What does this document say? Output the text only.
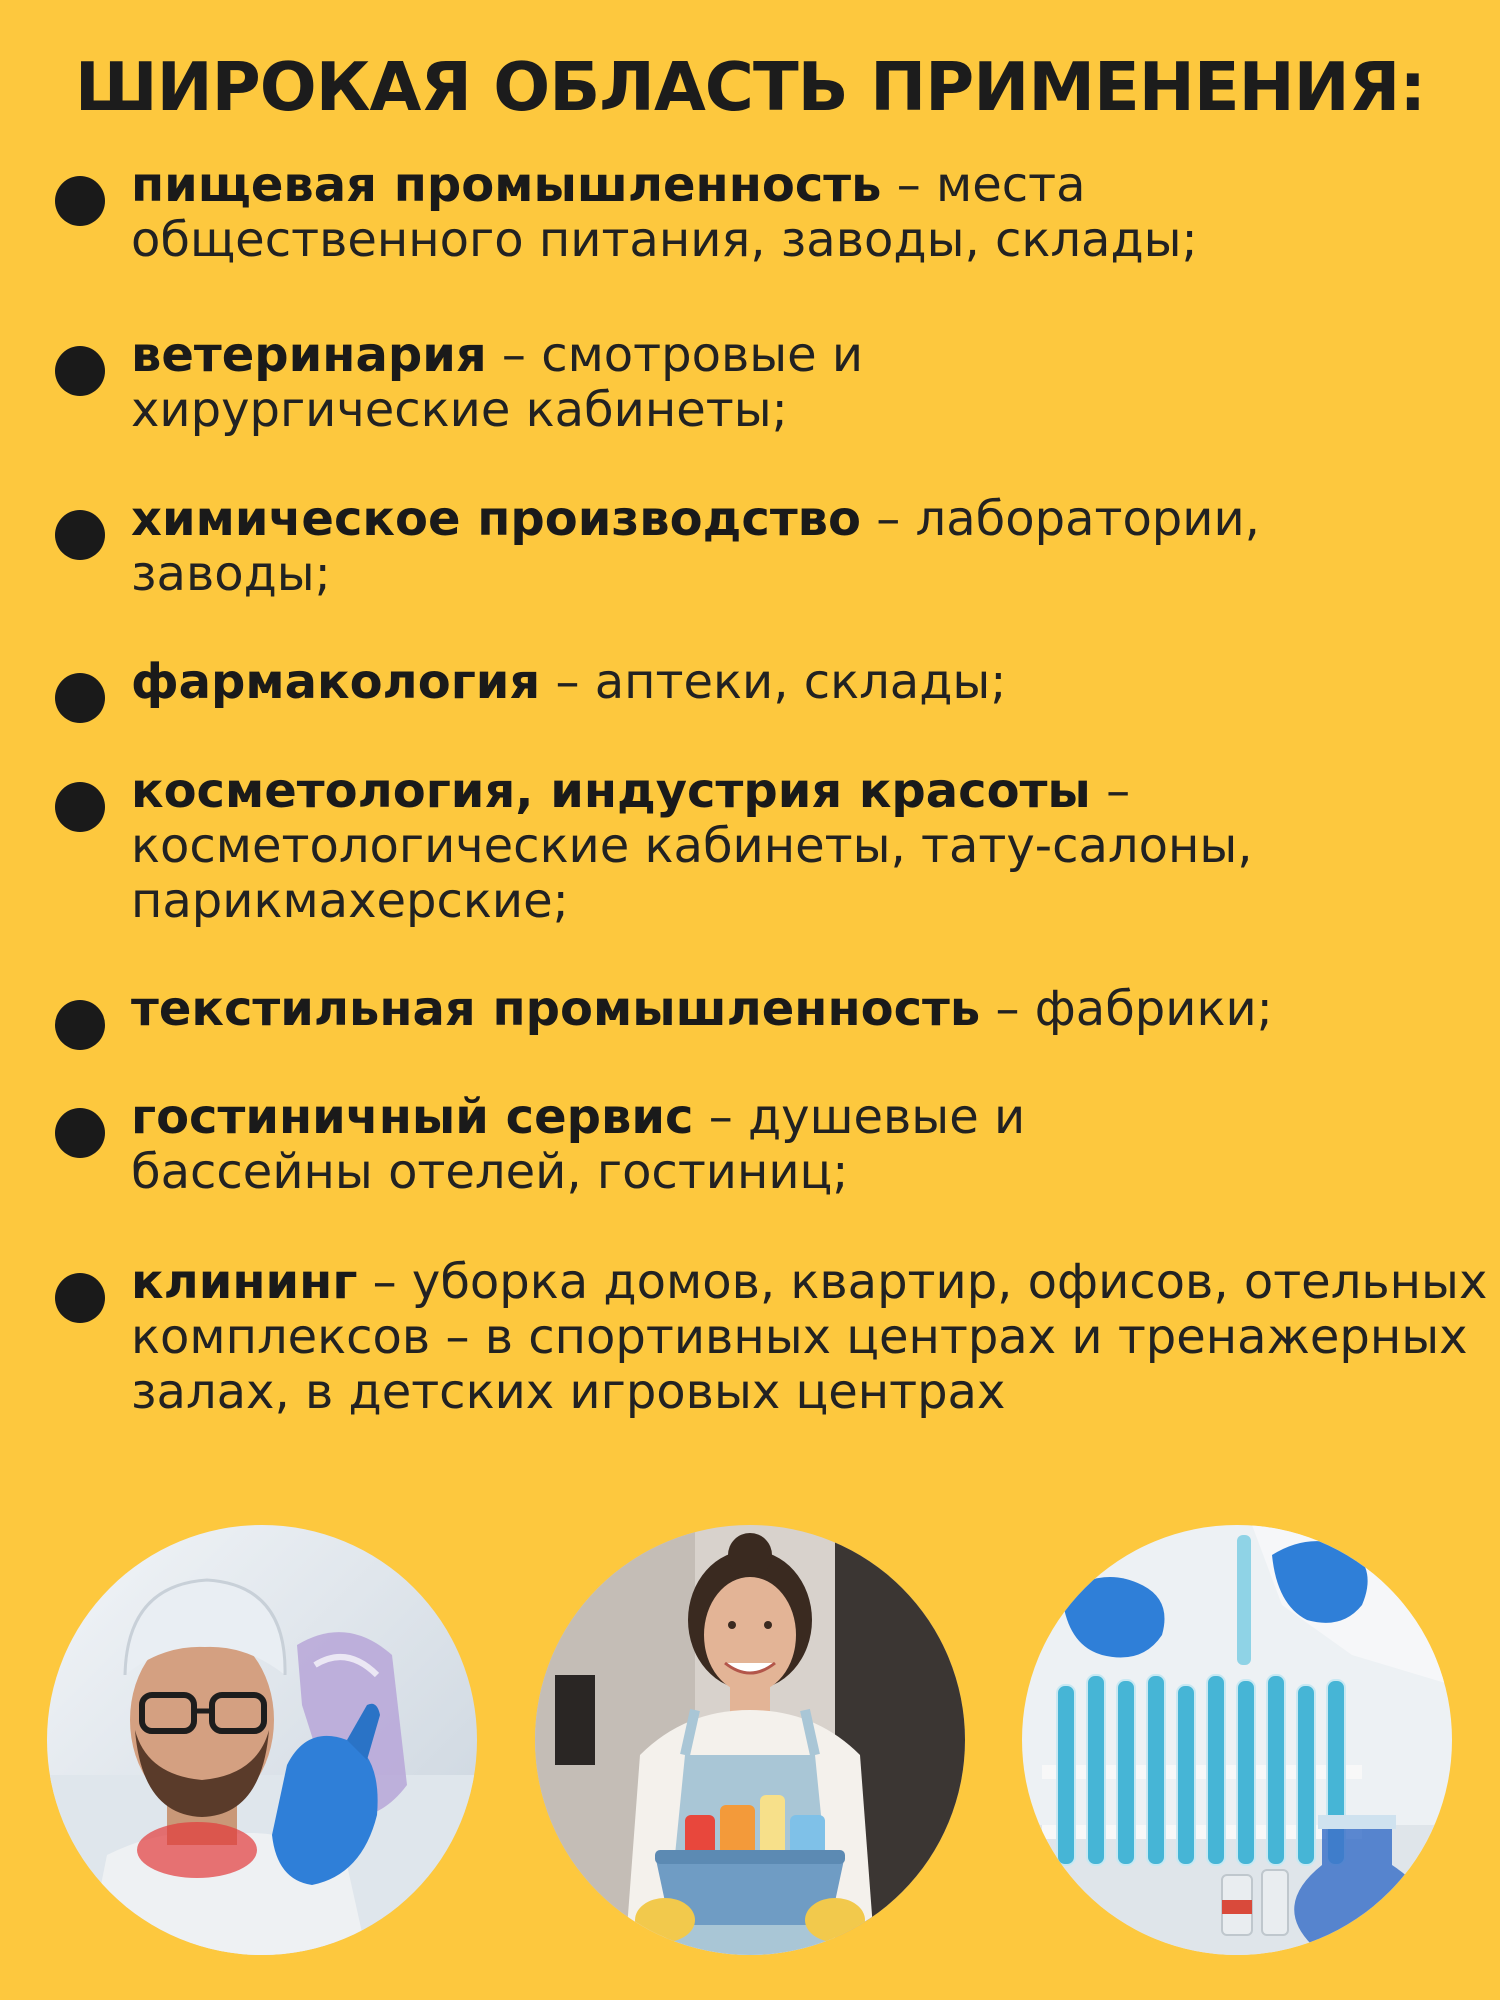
ШИРОКАЯ ОБЛАСТЬ ПРИМЕНЕНИЯ:
пищевая промышленность – места общественного питания, заводы, склады;
ветеринария – смотровые и хирургические кабинеты;
химическое производство – лаборатории, заводы;
фармакология – аптеки, склады;
косметология, индустрия красоты – косметологические кабинеты, тату-салоны, парикмахерские;
текстильная промышленность – фабрики;
гостиничный сервис – душевые и бассейны отелей, гостиниц;
клининг – уборка домов, квартир, офисов, отельных комплексов – в спортивных центрах и тренажерных залах, в детских игровых центрах
